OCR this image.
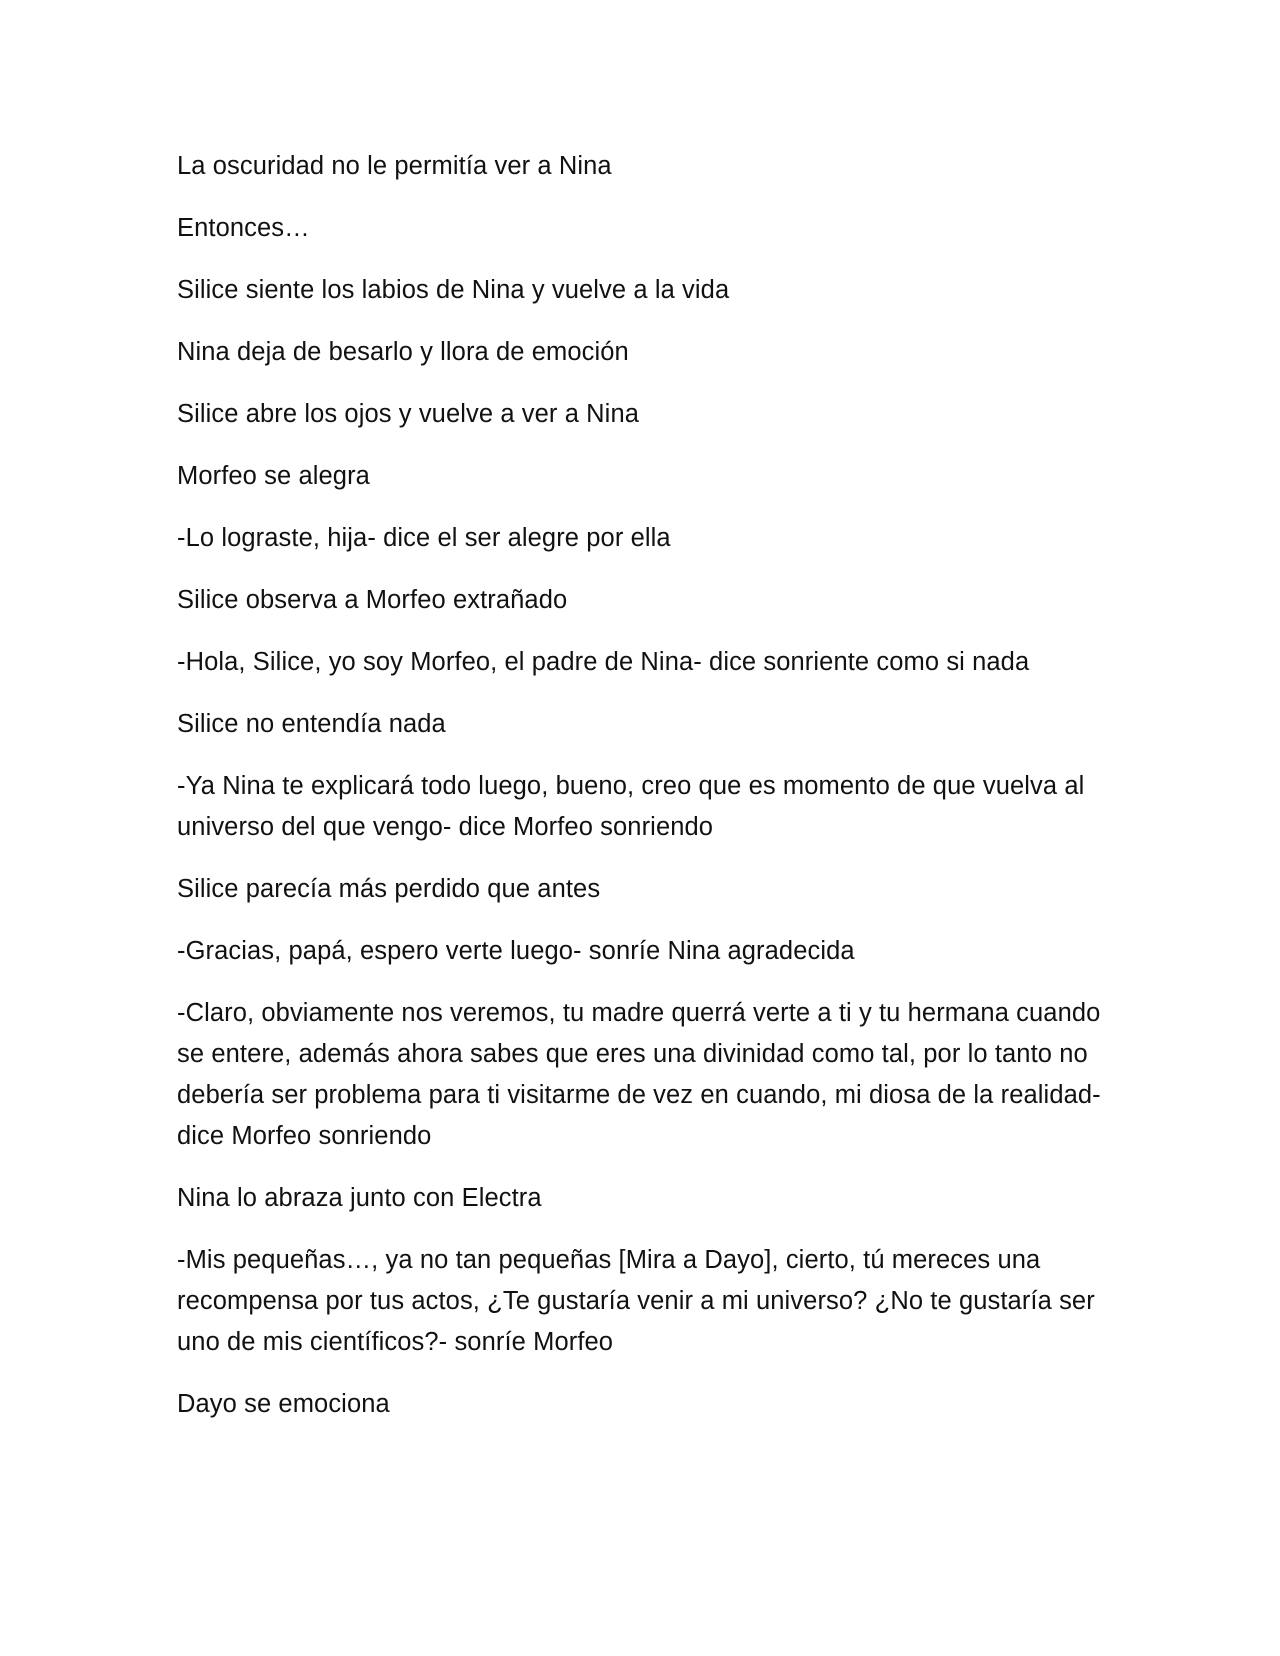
La oscuridad no le permitía ver a Nina

Entonces…

Silice siente los labios de Nina y vuelve a la vida

Nina deja de besarlo y llora de emoción

Silice abre los ojos y vuelve a ver a Nina

Morfeo se alegra

-Lo lograste, hija- dice el ser alegre por ella

Silice observa a Morfeo extrañado

-Hola, Silice, yo soy Morfeo, el padre de Nina- dice sonriente como si nada

Silice no entendía nada

-Ya Nina te explicará todo luego, bueno, creo que es momento de que vuelva al universo del que vengo- dice Morfeo sonriendo

Silice parecía más perdido que antes

-Gracias, papá, espero verte luego- sonríe Nina agradecida

-Claro, obviamente nos veremos, tu madre querrá verte a ti y tu hermana cuando se entere, además ahora sabes que eres una divinidad como tal, por lo tanto no debería ser problema para ti visitarme de vez en cuando, mi diosa de la realidad- dice Morfeo sonriendo

Nina lo abraza junto con Electra

-Mis pequeñas…, ya no tan pequeñas [Mira a Dayo], cierto, tú mereces una recompensa por tus actos, ¿Te gustaría venir a mi universo? ¿No te gustaría ser uno de mis científicos?- sonríe Morfeo

Dayo se emociona
